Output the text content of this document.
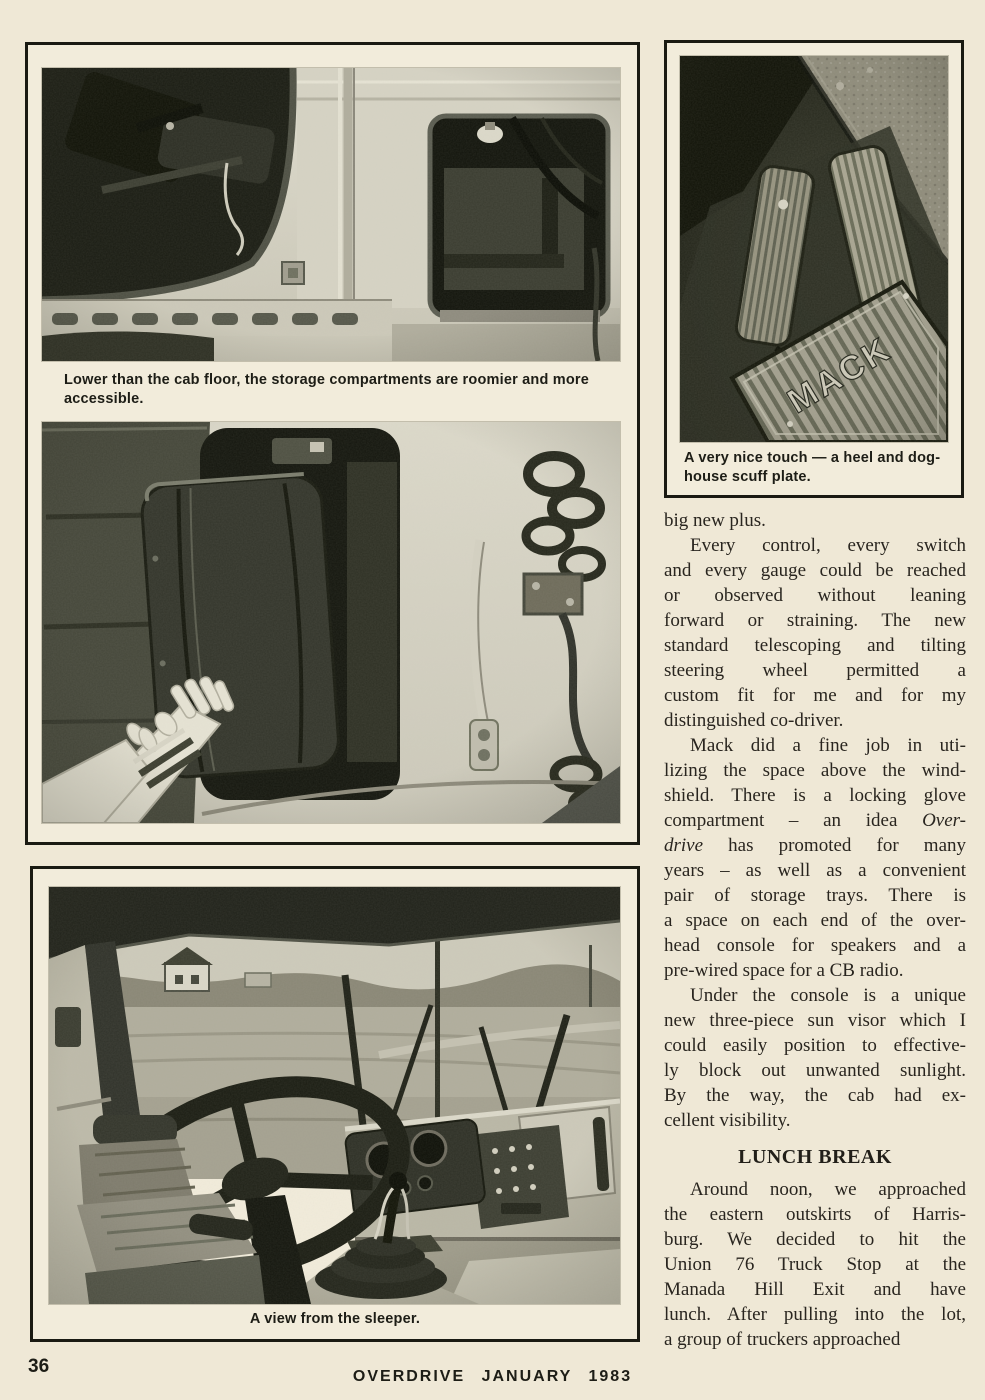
Lower than the cab floor, the storage compartments are roomier and more
accessible.
A view from the sleeper.
A very nice touch — a heel and dog-
house scuff plate.
big new plus.
Every control, every switch
and every gauge could be reached
or observed without leaning
forward or straining. The new
standard telescoping and tilting
steering wheel permitted a
custom fit for me and for my
distinguished co-driver.
Mack did a fine job in uti-
lizing the space above the wind-
shield. There is a locking glove
compartment – an idea Over-
drive has promoted for many
years – as well as a convenient
pair of storage trays. There is
a space on each end of the over-
head console for speakers and a
pre-wired space for a CB radio.
Under the console is a unique
new three-piece sun visor which I
could easily position to effective-
ly block out unwanted sunlight.
By the way, the cab had ex-
cellent visibility.
LUNCH BREAK
Around noon, we approached
the eastern outskirts of Harris-
burg. We decided to hit the
Union 76 Truck Stop at the
Manada Hill Exit and have
lunch. After pulling into the lot,
a group of truckers approached
36	OVERDRIVE JANUARY 1983
